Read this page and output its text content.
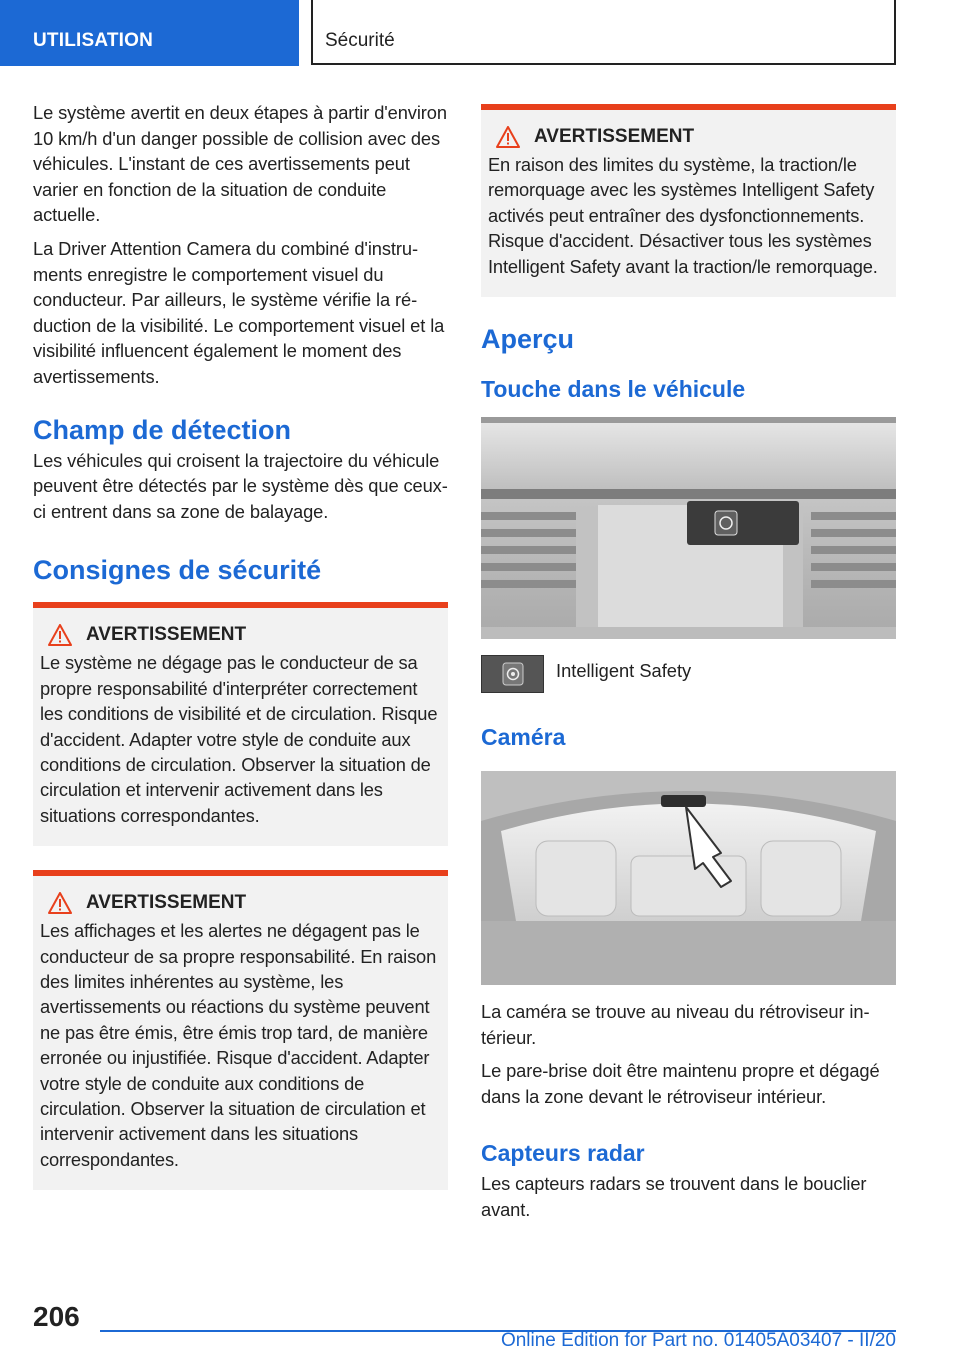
UTILISATION	Sécurité

Le système avertit en deux étapes à partir d'environ 10 km/h d'un danger possible de collision avec des véhicules. L'instant de ces avertissements peut varier en fonction de la situation de conduite actuelle.

La Driver Attention Camera du combiné d'instruments enregistre le comportement visuel du conducteur. Par ailleurs, le système vérifie la réduction de la visibilité. Le comportement visuel et la visibilité influencent également le moment des avertissements.

Champ de détection

Les véhicules qui croisent la trajectoire du véhicule peuvent être détectés par le système dès que ceux-ci entrent dans sa zone de balayage.

Consignes de sécurité
AVERTISSEMENT

Le système ne dégage pas le conducteur de sa propre responsabilité d'interpréter correctement les conditions de visibilité et de circulation. Risque d'accident. Adapter votre style de conduite aux conditions de circulation. Observer la situation de circulation et intervenir activement dans les situations correspondantes.

AVERTISSEMENT

Les affichages et les alertes ne dégagent pas le conducteur de sa propre responsabilité. En raison des limites inhérentes au système, les avertissements ou réactions du système peuvent ne pas être émis, être émis trop tard, de manière erronée ou injustifiée. Risque d'accident. Adapter votre style de conduite aux conditions de circulation. Observer la situation de circulation et intervenir activement dans les situations correspondantes.

AVERTISSEMENT

En raison des limites du système, la traction/le remorquage avec les systèmes Intelligent Safety activés peut entraîner des dysfonctionnements. Risque d'accident. Désactiver tous les systèmes Intelligent Safety avant la traction/le remorquage.

Aperçu
Touche dans le véhicule
Intelligent Safety
Caméra

La caméra se trouve au niveau du rétroviseur intérieur.

Le pare-brise doit être maintenu propre et dégagé dans la zone devant le rétroviseur intérieur.

Capteurs radar

Les capteurs radars se trouvent dans le bouclier avant.

206
Online Edition for Part no. 01405A03407 - II/20
